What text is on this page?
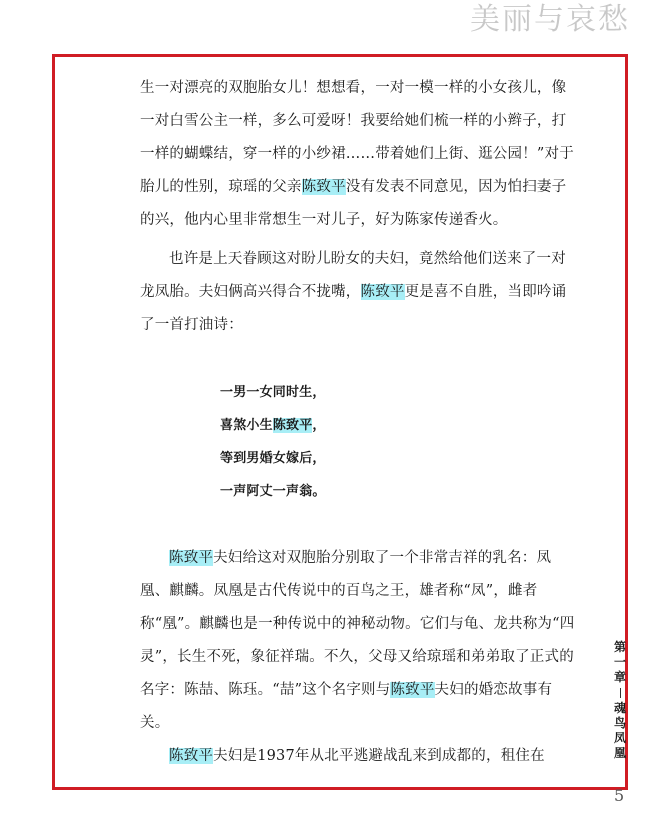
美丽与哀愁

生一对漂亮的双胞胎女儿！想想看，一对一模一样的小女孩儿，像一对白雪公主一样，多么可爱呀！我要给她们梳一样的小辫子，打一样的蝴蝶结，穿一样的小纱裙……带着她们上街、逛公园！”对于胎儿的性别，琼瑶的父亲陈致平没有发表不同意见，因为怕扫妻子的兴，他内心里非常想生一对儿子，好为陈家传递香火。

也许是上天眷顾这对盼儿盼女的夫妇，竟然给他们送来了一对龙凤胎。夫妇俩高兴得合不拢嘴，陈致平更是喜不自胜，当即吟诵了一首打油诗：

一男一女同时生，
喜煞小生陈致平，
等到男婚女嫁后，
一声阿丈一声翁。

陈致平夫妇给这对双胞胎分别取了一个非常吉祥的乳名：凤凰、麒麟。凤凰是古代传说中的百鸟之王，雄者称“凤”，雌者称“凰”。麒麟也是一种传说中的神秘动物。它们与龟、龙共称为“四灵”，长生不死，象征祥瑞。不久，父母又给琼瑶和弟弟取了正式的名字：陈喆、陈珏。“喆”这个名字则与陈致平夫妇的婚恋故事有关。

陈致平夫妇是1937年从北平逃避战乱来到成都的，租住在

第
一
章
魂
鸟
凤
凰
5
